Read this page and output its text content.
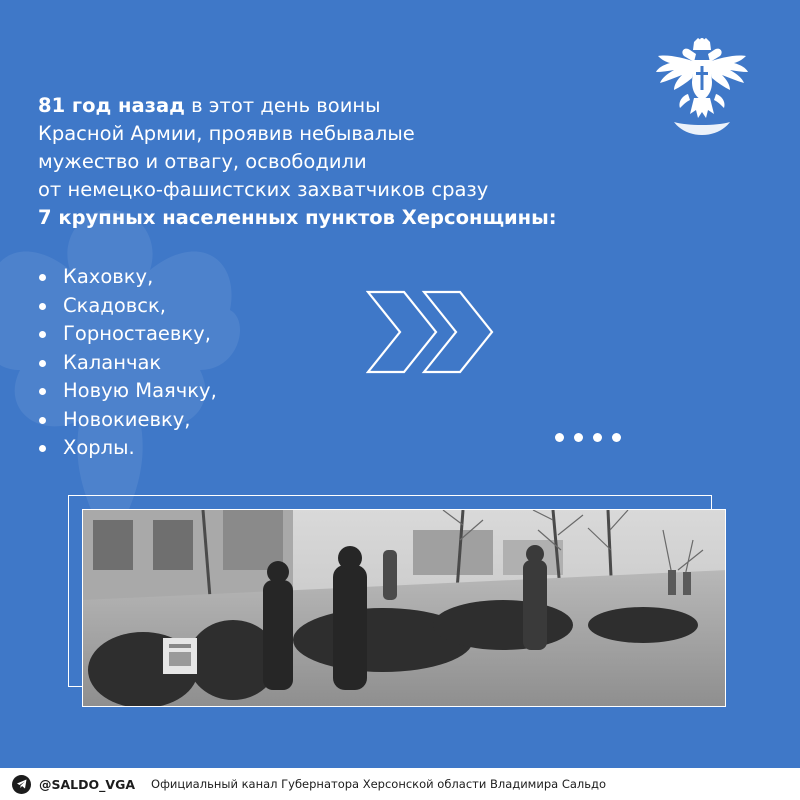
81 год назад в этот день воины
Красной Армии, проявив небывалые
мужество и отвагу, освободили
от немецко-фашистских захватчиков сразу
7 крупных населенных пунктов Херсонщины:
Каховку,
Скадовск,
Горностаевку,
Каланчак
Новую Маячку,
Новокиевку,
Хорлы.
@SALDO_VGA Официальный канал Губернатора Херсонской области Владимира Сальдо
